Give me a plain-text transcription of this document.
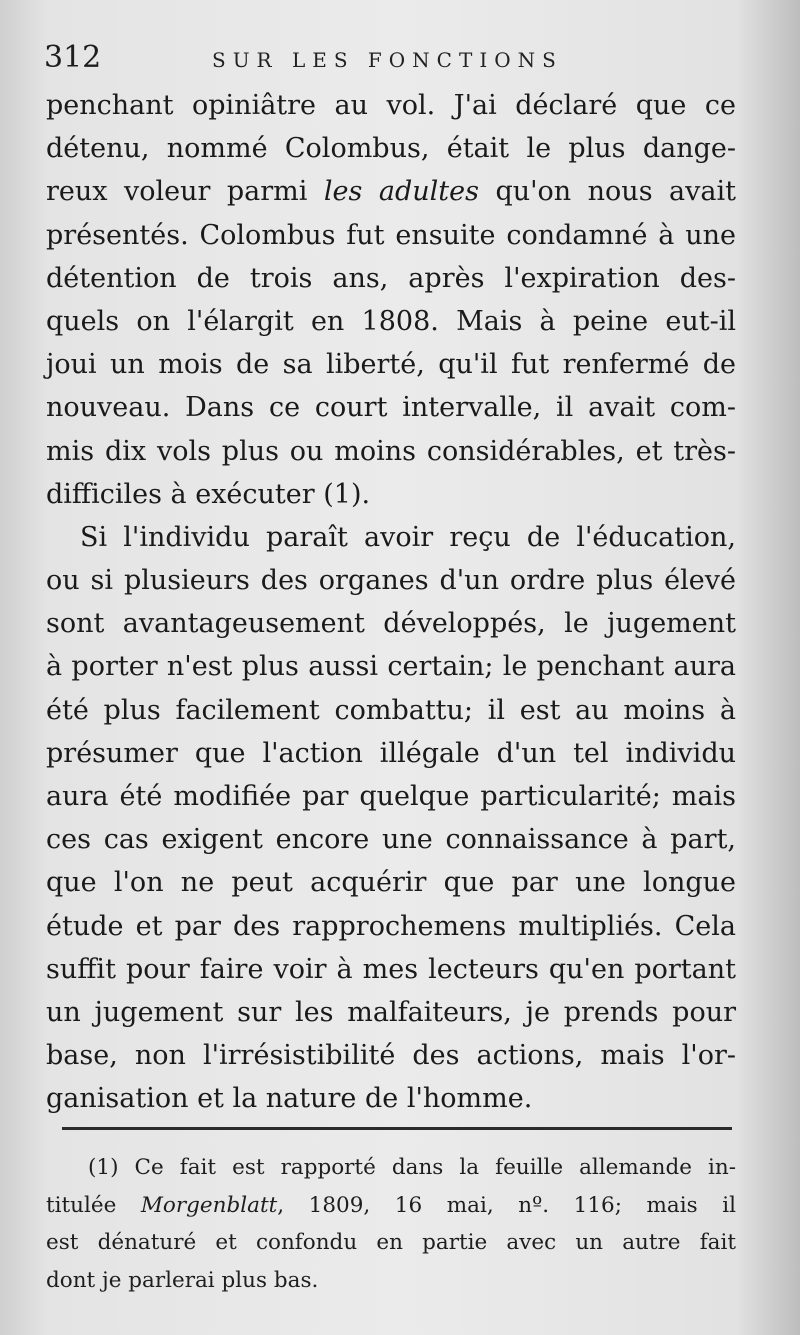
312	SUR LES FONCTIONS
penchant opiniâtre au vol. J'ai déclaré que ce
détenu, nommé Colombus, était le plus dange-
reux voleur parmi les adultes qu'on nous avait
présentés. Colombus fut ensuite condamné à une
détention de trois ans, après l'expiration des-
quels on l'élargit en 1808. Mais à peine eut-il
joui un mois de sa liberté, qu'il fut renfermé de
nouveau. Dans ce court intervalle, il avait com-
mis dix vols plus ou moins considérables, et très-
difficiles à exécuter (1).
Si l'individu paraît avoir reçu de l'éducation,
ou si plusieurs des organes d'un ordre plus élevé
sont avantageusement développés, le jugement
à porter n'est plus aussi certain; le penchant aura
été plus facilement combattu; il est au moins à
présumer que l'action illégale d'un tel individu
aura été modifiée par quelque particularité; mais
ces cas exigent encore une connaissance à part,
que l'on ne peut acquérir que par une longue
étude et par des rapprochemens multipliés. Cela
suffit pour faire voir à mes lecteurs qu'en portant
un jugement sur les malfaiteurs, je prends pour
base, non l'irrésistibilité des actions, mais l'or-
ganisation et la nature de l'homme.
(1) Ce fait est rapporté dans la feuille allemande in-
titulée Morgenblatt, 1809, 16 mai, nº. 116; mais il
est dénaturé et confondu en partie avec un autre fait
dont je parlerai plus bas.
